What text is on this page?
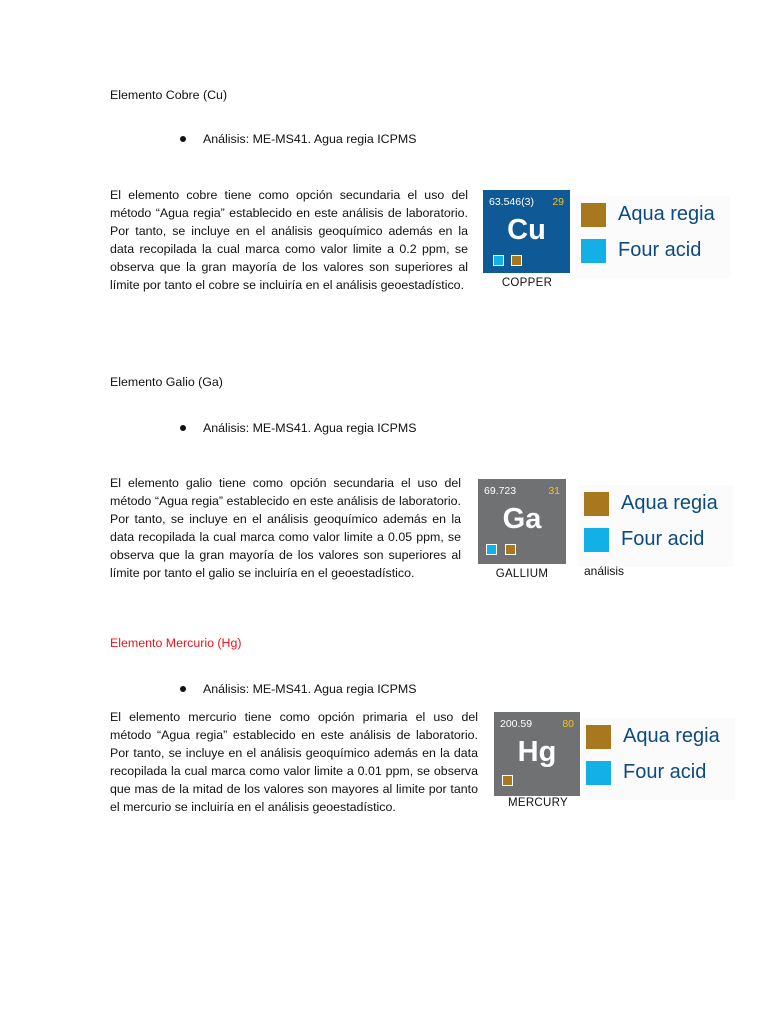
Elemento Cobre (Cu)
Análisis: ME-MS41. Agua regia ICPMS
El elemento cobre tiene como opción secundaria el uso del método “Agua regia” establecido en este análisis de laboratorio. Por tanto, se incluye en el análisis geoquímico además en la data recopilada la cual marca como valor limite a 0.2 ppm, se observa que la gran mayoría de los valores son superiores al límite por tanto el cobre se incluiría en el análisis geoestadístico.
63.546(3) 29
Cu
COPPER
Aqua regia
Four acid
Elemento Galio (Ga)
Análisis: ME-MS41. Agua regia ICPMS
El elemento galio tiene como opción secundaria el uso del método “Agua regia” establecido en este análisis de laboratorio. Por tanto, se incluye en el análisis geoquímico además en la data recopilada la cual marca como valor limite a 0.05 ppm, se observa que la gran mayoría de los valores son superiores al límite por tanto el galio se incluiría en el geoestadístico.
69.723	31
Ga
GALLIUM
Aqua regia
Four acid
análisis
Elemento Mercurio (Hg)
Análisis: ME-MS41. Agua regia ICPMS
El elemento mercurio tiene como opción primaria el uso del método “Agua regia” establecido en este análisis de laboratorio. Por tanto, se incluye en el análisis geoquímico además en la data recopilada la cual marca como valor limite a 0.01 ppm, se observa que mas de la mitad de los valores son mayores al limite por tanto el mercurio se incluiría en el análisis geoestadístico.
200.59	80
Hg
MERCURY
Aqua regia
Four acid
